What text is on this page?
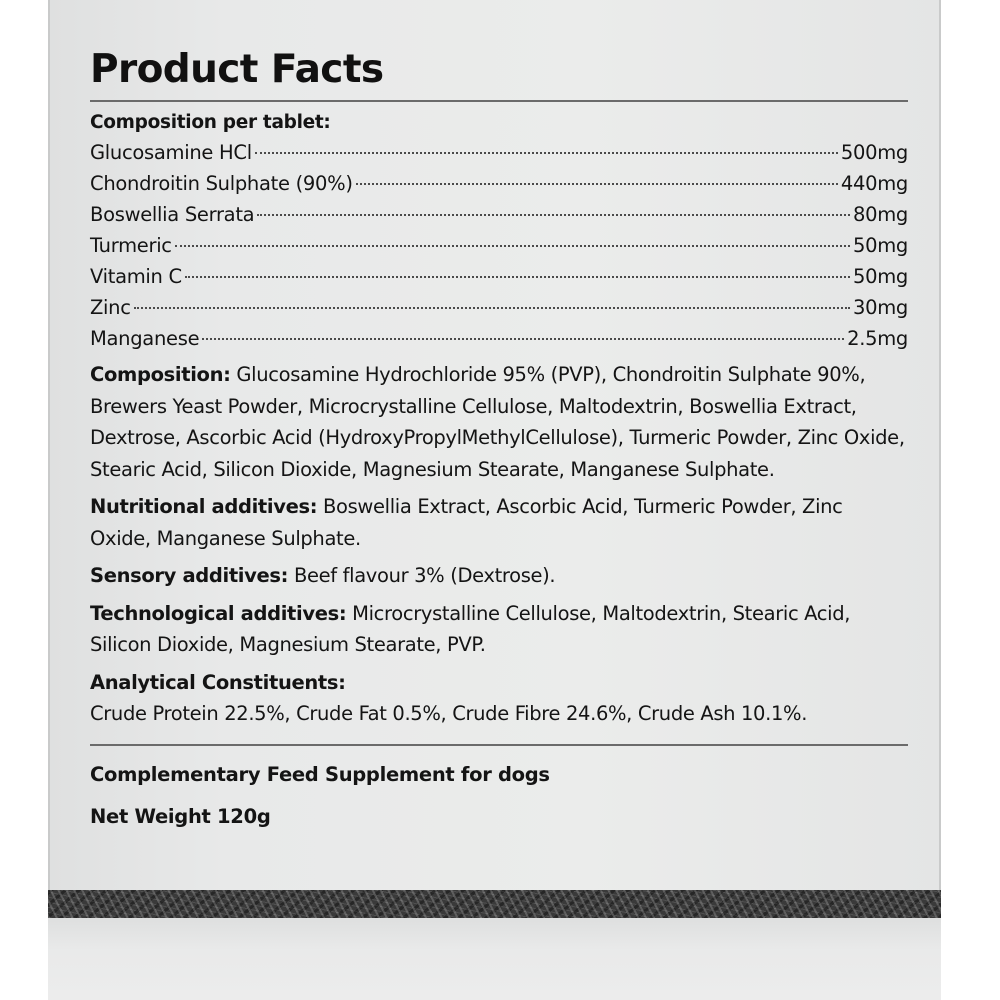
Product Facts
Composition per tablet:
Glucosamine HCl	500mg
Chondroitin Sulphate (90%)	440mg
Boswellia Serrata	80mg
Turmeric	50mg
Vitamin C	50mg
Zinc	30mg
Manganese	2.5mg

Composition: Glucosamine Hydrochloride 95% (PVP), Chondroitin Sulphate 90%, Brewers Yeast Powder, Microcrystalline Cellulose, Maltodextrin, Boswellia Extract, Dextrose, Ascorbic Acid (HydroxyPropylMethylCellulose), Turmeric Powder, Zinc Oxide, Stearic Acid, Silicon Dioxide, Magnesium Stearate, Manganese Sulphate.

Nutritional additives: Boswellia Extract, Ascorbic Acid, Turmeric Powder, Zinc Oxide, Manganese Sulphate.

Sensory additives: Beef flavour 3% (Dextrose).

Technological additives: Microcrystalline Cellulose, Maltodextrin, Stearic Acid, Silicon Dioxide, Magnesium Stearate, PVP.

Analytical Constituents:
Crude Protein 22.5%, Crude Fat 0.5%, Crude Fibre 24.6%, Crude Ash 10.1%.

Complementary Feed Supplement for dogs
Net Weight 120g
